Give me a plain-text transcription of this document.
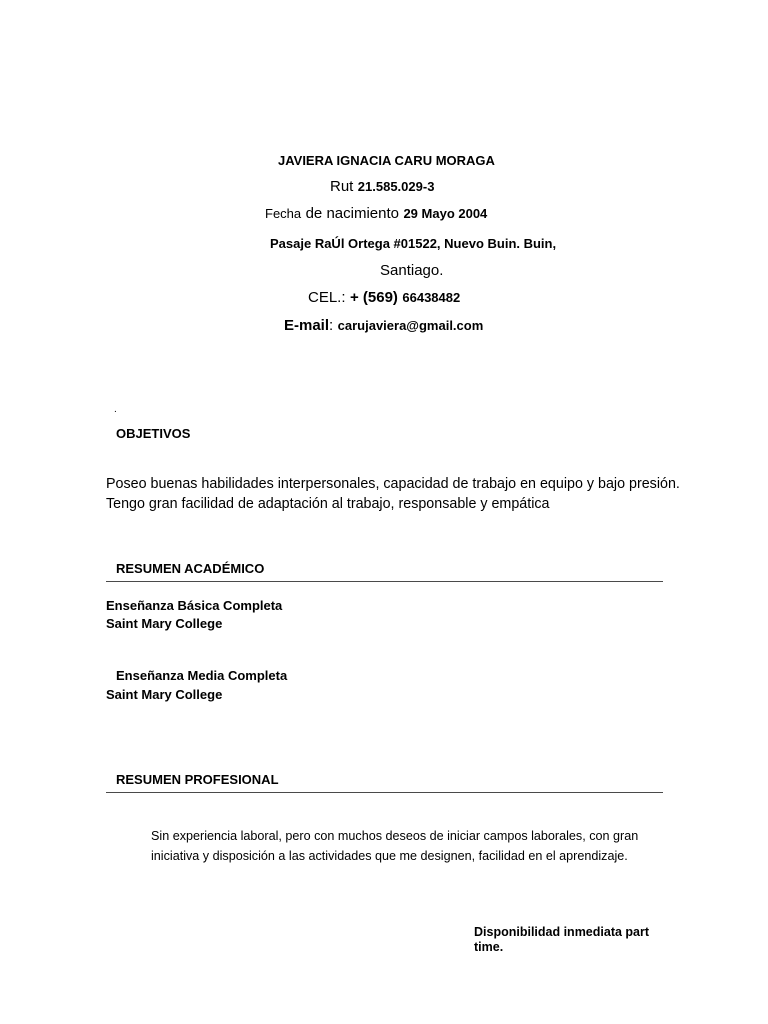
JAVIERA IGNACIA CARU MORAGA
Rut 21.585.029-3
Fecha de nacimiento 29 Mayo 2004
Pasaje RaÚl Ortega #01522, Nuevo Buin. Buin,
Santiago.
CEL.: + (569) 66438482
E-mail: carujaviera@gmail.com
.
OBJETIVOS
Poseo buenas habilidades interpersonales, capacidad de trabajo en equipo y bajo presión. Tengo gran facilidad de adaptación al trabajo, responsable y empática
RESUMEN ACADÉMICO
Enseñanza Básica Completa
Saint Mary College
Enseñanza Media Completa
Saint Mary College
RESUMEN PROFESIONAL
Sin experiencia laboral, pero con muchos deseos de iniciar campos laborales, con gran iniciativa y disposición a las actividades que me designen, facilidad en el aprendizaje.
Disponibilidad inmediata part time.
